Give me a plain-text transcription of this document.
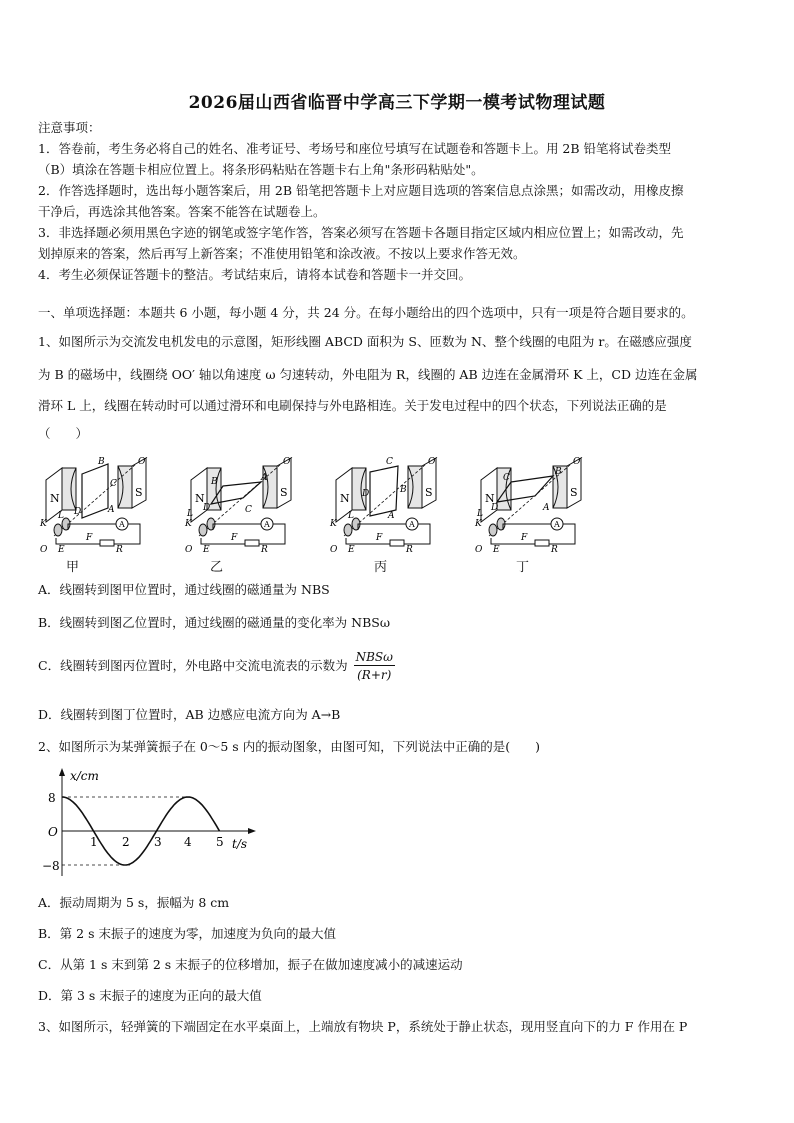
2026届山西省临晋中学高三下学期一模考试物理试题
注意事项：
1．答卷前，考生务必将自己的姓名、准考证号、考场号和座位号填写在试题卷和答题卡上。用 2B 铅笔将试卷类型
（B）填涂在答题卡相应位置上。将条形码粘贴在答题卡右上角"条形码粘贴处"。
2．作答选择题时，选出每小题答案后，用 2B 铅笔把答题卡上对应题目选项的答案信息点涂黑；如需改动，用橡皮擦
干净后，再选涂其他答案。答案不能答在试题卷上。
3．非选择题必须用黑色字迹的钢笔或签字笔作答，答案必须写在答题卡各题目指定区域内相应位置上；如需改动，先
划掉原来的答案，然后再写上新答案；不准使用铅笔和涂改液。不按以上要求作答无效。
4．考生必须保证答题卡的整洁。考试结束后，请将本试卷和答题卡一并交回。
一、单项选择题：本题共 6 小题，每小题 4 分，共 24 分。在每小题给出的四个选项中，只有一项是符合题目要求的。
1、如图所示为交流发电机发电的示意图，矩形线圈 ABCD 面积为 S、匝数为 N、整个线圈的电阻为 r。在磁感应强度
为 B 的磁场中，线圈绕 OO′ 轴以角速度 ω 匀速转动，外电阻为 R，线圈的 AB 边连在金属滑环 K 上，CD 边连在金属
滑环 L 上，线圈在转动时可以通过滑环和电刷保持与外电路相连。关于发电过程中的四个状态，下列说法正确的是
（　　）
B
C
D	A
L
B
C
A
D
L
C
B
D
A
L
C
A
B
D
L
甲	乙	丙	丁
A．线圈转到图甲位置时，通过线圈的磁通量为 NBS
B．线圈转到图乙位置时，通过线圈的磁通量的变化率为 NBSω
C．线圈转到图丙位置时，外电路中交流电流表的示数为 $\frac{\text{NBSω}}{(R+r)}$
D．线圈转到图丁位置时，AB 边感应电流方向为 A→B
2、如图所示为某弹簧振子在 0～5 s 内的振动图象，由图可知，下列说法中正确的是(　　)
x/cm
t/s
O
8
−8
1 2 3 4 5
A．振动周期为 5 s，振幅为 8 cm
B．第 2 s 末振子的速度为零，加速度为负向的最大值
C．从第 1 s 末到第 2 s 末振子的位移增加，振子在做加速度减小的减速运动
D．第 3 s 末振子的速度为正向的最大值
3、如图所示，轻弹簧的下端固定在水平桌面上，上端放有物块 P，系统处于静止状态，现用竖直向下的力 F 作用在 P
